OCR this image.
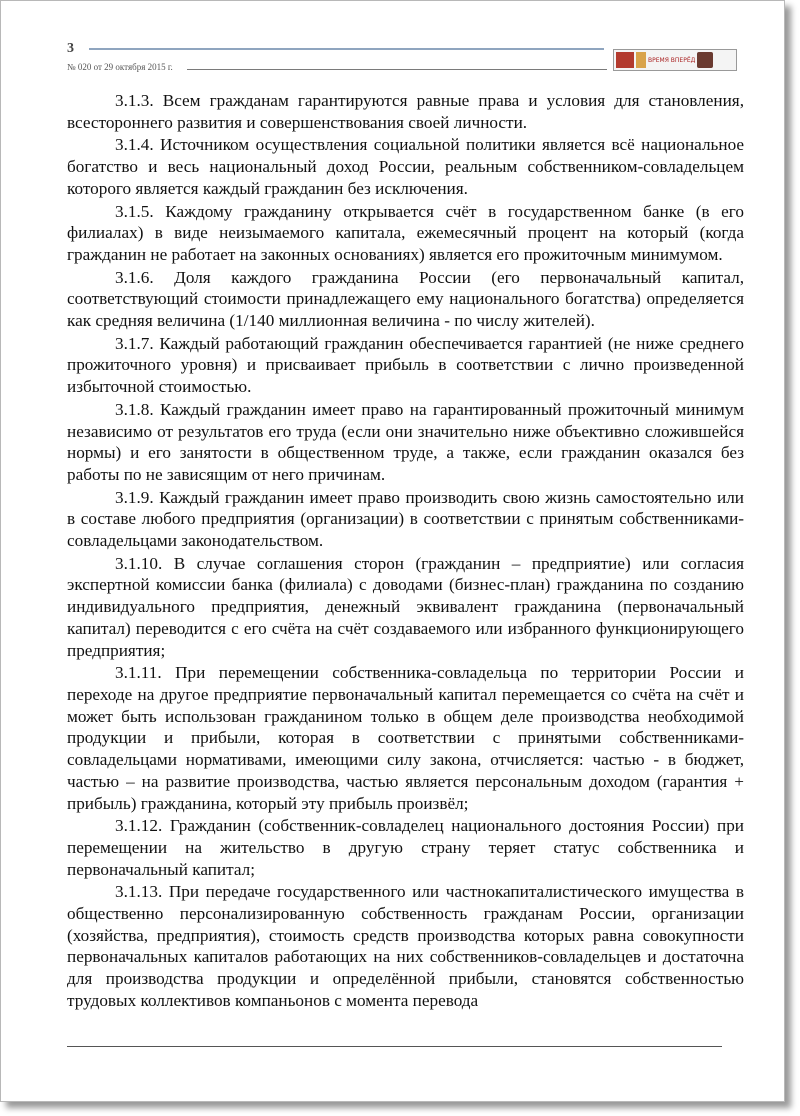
3
№ 020 от 29 октября 2015 г.
ВРЕМЯ ВПЕРЁД

3.1.3. Всем гражданам гарантируются равные права и условия для становления, всестороннего развития и совершенствования своей личности.

3.1.4. Источником осуществления социальной политики является всё национальное богатство и весь национальный доход России, реальным собственником-совладельцем которого является каждый гражданин без исключения.

3.1.5. Каждому гражданину открывается счёт в государственном банке (в его филиалах) в виде неизымаемого капитала, ежемесячный процент на который (когда гражданин не работает на законных основаниях) является его прожиточным минимумом.

3.1.6. Доля каждого гражданина России (его первоначальный капитал, соответствующий стоимости принадлежащего ему национального богатства) определяется как средняя величина (1/140 миллионная величина - по числу жителей).

3.1.7. Каждый работающий гражданин обеспечивается гарантией (не ниже среднего прожиточного уровня) и присваивает прибыль в соответствии с лично произведенной избыточной стоимостью.

3.1.8. Каждый гражданин имеет право на гарантированный прожиточный минимум независимо от результатов его труда (если они значительно ниже объективно сложившейся нормы) и его занятости в общественном труде, а также, если гражданин оказался без работы по не зависящим от него причинам.

3.1.9. Каждый гражданин имеет право производить свою жизнь самостоятельно или в составе любого предприятия (организации) в соответствии с принятым собственниками-совладельцами законодательством.

3.1.10. В случае соглашения сторон (гражданин – предприятие) или согласия экспертной комиссии банка (филиала) с доводами (бизнес-план) гражданина по созданию индивидуального предприятия, денежный эквивалент гражданина (первоначальный капитал) переводится с его счёта на счёт создаваемого или избранного функционирующего предприятия;

3.1.11. При перемещении собственника-совладельца по территории России и переходе на другое предприятие первоначальный капитал перемещается со счёта на счёт и может быть использован гражданином только в общем деле производства необходимой продукции и прибыли, которая в соответствии с принятыми собственниками-совладельцами нормативами, имеющими силу закона, отчисляется: частью - в бюджет, частью – на развитие производства, частью является персональным доходом (гарантия + прибыль) гражданина, который эту прибыль произвёл;

3.1.12. Гражданин (собственник-совладелец национального достояния России) при перемещении на жительство в другую страну теряет статус собственника и первоначальный капитал;

3.1.13. При передаче государственного или частнокапиталистического имущества в общественно персонализированную собственность гражданам России, организации (хозяйства, предприятия), стоимость средств производства которых равна совокупности первоначальных капиталов работающих на них собственников-совладельцев и достаточна для производства продукции и определённой прибыли, становятся собственностью трудовых коллективов компаньонов с момента перевода
